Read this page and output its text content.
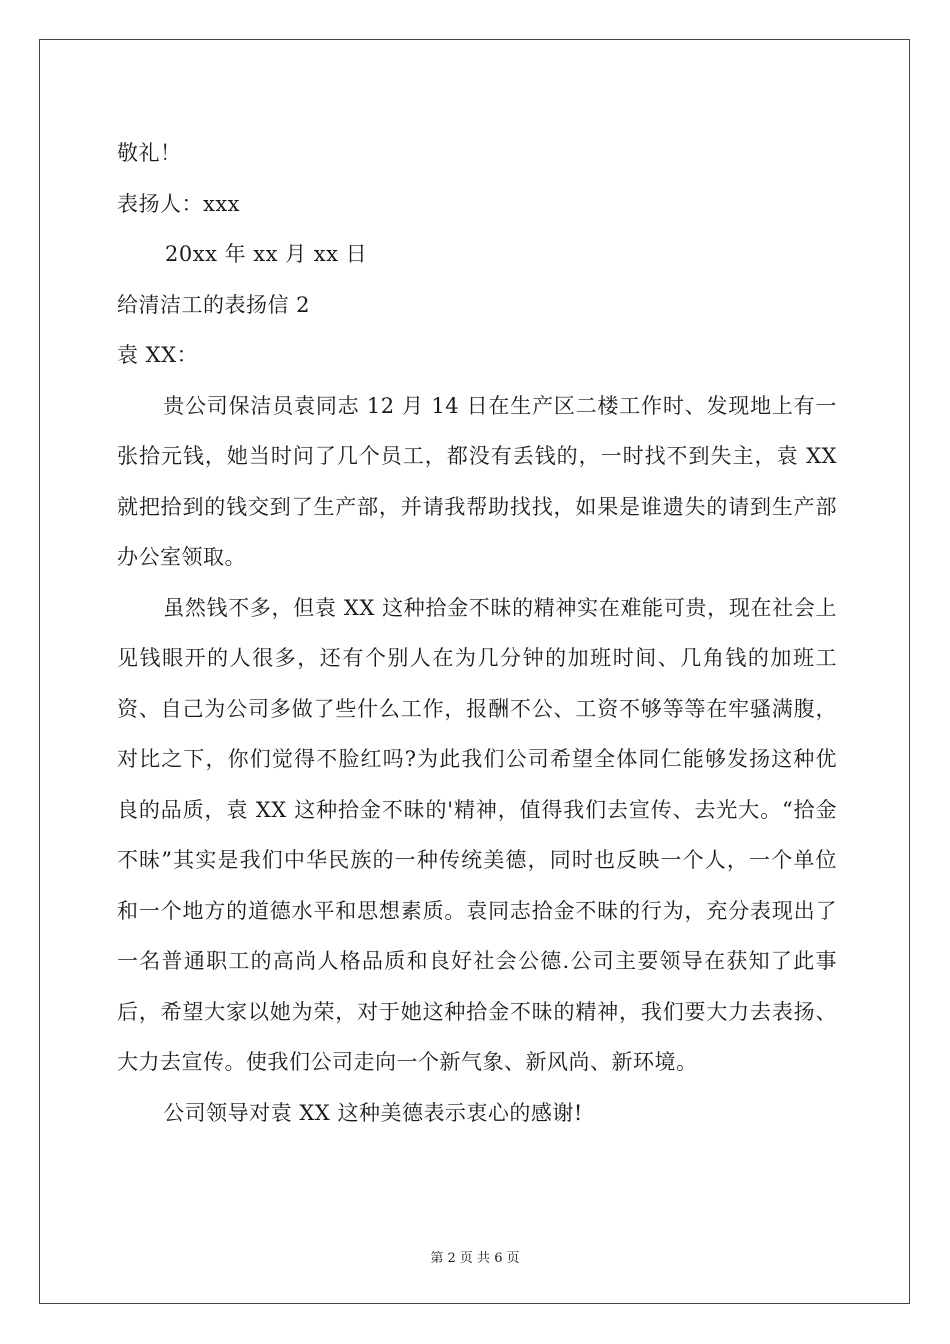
敬礼！

表扬人：xxx

20xx 年 xx 月 xx 日

给清洁工的表扬信 2

袁 XX：

贵公司保洁员袁同志 12 月 14 日在生产区二楼工作时、发现地上有一张拾元钱，她当时问了几个员工，都没有丢钱的，一时找不到失主，袁 XX 就把拾到的钱交到了生产部，并请我帮助找找，如果是谁遗失的请到生产部办公室领取。

虽然钱不多，但袁 XX 这种拾金不昧的精神实在难能可贵，现在社会上见钱眼开的人很多，还有个别人在为几分钟的加班时间、几角钱的加班工资、自己为公司多做了些什么工作，报酬不公、工资不够等等在牢骚满腹，对比之下，你们觉得不脸红吗?为此我们公司希望全体同仁能够发扬这种优良的品质，袁 XX 这种拾金不昧的'精神，值得我们去宣传、去光大。“拾金不昧”其实是我们中华民族的一种传统美德，同时也反映一个人，一个单位和一个地方的道德水平和思想素质。袁同志拾金不昧的行为，充分表现出了一名普通职工的高尚人格品质和良好社会公德.公司主要领导在获知了此事后，希望大家以她为荣，对于她这种拾金不昧的精神，我们要大力去表扬、大力去宣传。使我们公司走向一个新气象、新风尚、新环境。

公司领导对袁 XX 这种美德表示衷心的感谢!

第 2 页 共 6 页
